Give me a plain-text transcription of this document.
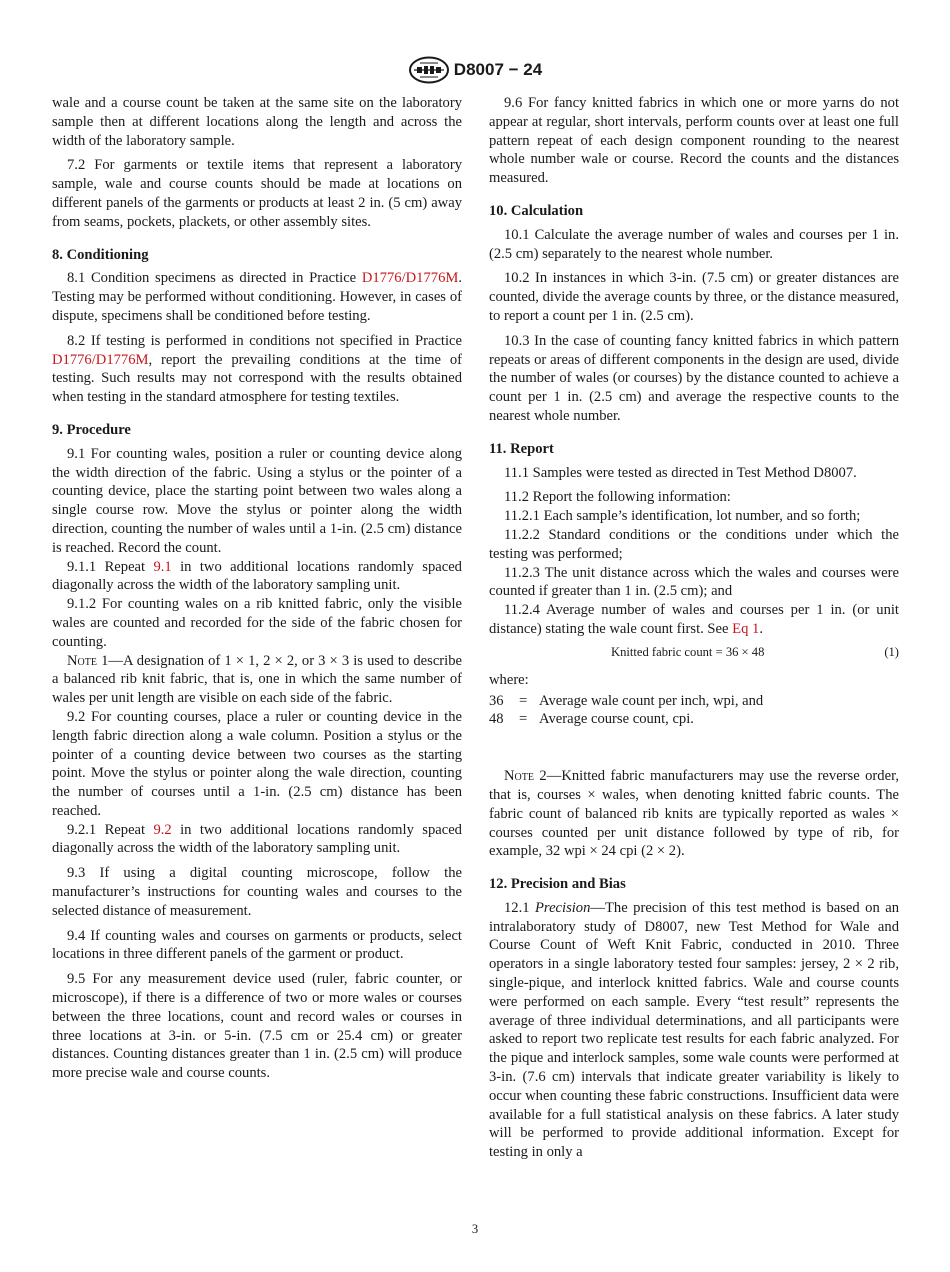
D8007 − 24

wale and a course count be taken at the same site on the laboratory sample then at different locations along the length and across the width of the laboratory sample.

7.2 For garments or textile items that represent a laboratory sample, wale and course counts should be made at locations on different panels of the garments or products at least 2 in. (5 cm) away from seams, pockets, plackets, or other assembly sites.

8. Conditioning

8.1 Condition specimens as directed in Practice D1776/D1776M. Testing may be performed without conditioning. However, in cases of dispute, specimens shall be conditioned before testing.

8.2 If testing is performed in conditions not specified in Practice D1776/D1776M, report the prevailing conditions at the time of testing. Such results may not correspond with the results obtained when testing in the standard atmosphere for testing textiles.

9. Procedure

9.1 For counting wales, position a ruler or counting device along the width direction of the fabric. Using a stylus or the pointer of a counting device, place the starting point between two wales along a single course row. Move the stylus or pointer along the width direction, counting the number of wales until a 1-in. (2.5 cm) distance is reached. Record the count.

9.1.1 Repeat 9.1 in two additional locations randomly spaced diagonally across the width of the laboratory sampling unit.

9.1.2 For counting wales on a rib knitted fabric, only the visible wales are counted and recorded for the side of the fabric chosen for counting.

Note 1—A designation of 1 × 1, 2 × 2, or 3 × 3 is used to describe a balanced rib knit fabric, that is, one in which the same number of wales per unit length are visible on each side of the fabric.

9.2 For counting courses, place a ruler or counting device in the length fabric direction along a wale column. Position a stylus or the pointer of a counting device between two courses as the starting point. Move the stylus or pointer along the wale direction, counting the number of courses until a 1-in. (2.5 cm) distance has been reached.

9.2.1 Repeat 9.2 in two additional locations randomly spaced diagonally across the width of the laboratory sampling unit.

9.3 If using a digital counting microscope, follow the manufacturer’s instructions for counting wales and courses to the selected distance of measurement.

9.4 If counting wales and courses on garments or products, select locations in three different panels of the garment or product.

9.5 For any measurement device used (ruler, fabric counter, or microscope), if there is a difference of two or more wales or courses between the three locations, count and record wales or courses in three locations at 3-in. or 5-in. (7.5 cm or 25.4 cm) or greater distances. Counting distances greater than 1 in. (2.5 cm) will produce more precise wale and course counts.

9.6 For fancy knitted fabrics in which one or more yarns do not appear at regular, short intervals, perform counts over at least one full pattern repeat of each design component rounding to the nearest whole number wale or course. Record the counts and the distances measured.

10. Calculation

10.1 Calculate the average number of wales and courses per 1 in. (2.5 cm) separately to the nearest whole number.

10.2 In instances in which 3-in. (7.5 cm) or greater distances are counted, divide the average counts by three, or the distance measured, to report a count per 1 in. (2.5 cm).

10.3 In the case of counting fancy knitted fabrics in which pattern repeats or areas of different components in the design are used, divide the number of wales (or courses) by the distance counted to achieve a count per 1 in. (2.5 cm) and average the respective counts to the nearest whole number.

11. Report

11.1 Samples were tested as directed in Test Method D8007.

11.2 Report the following information:

11.2.1 Each sample’s identification, lot number, and so forth;

11.2.2 Standard conditions or the conditions under which the testing was performed;

11.2.3 The unit distance across which the wales and courses were counted if greater than 1 in. (2.5 cm); and

11.2.4 Average number of wales and courses per 1 in. (or unit distance) stating the wale count first. See Eq 1.

Knitted fabric count = 36 × 48	(1)

where:

36	= Average wale count per inch, wpi, and
48	= Average course count, cpi.

Note 2—Knitted fabric manufacturers may use the reverse order, that is, courses × wales, when denoting knitted fabric counts. The fabric count of balanced rib knits are typically reported as wales × courses counted per unit distance followed by type of rib, for example, 32 wpi × 24 cpi (2 × 2).

12. Precision and Bias

12.1 Precision—The precision of this test method is based on an intralaboratory study of D8007, new Test Method for Wale and Course Count of Weft Knit Fabric, conducted in 2010. Three operators in a single laboratory tested four samples: jersey, 2 × 2 rib, single-pique, and interlock knitted fabrics. Wale and course counts were performed on each sample. Every “test result” represents the average of three individual determinations, and all participants were asked to report two replicate test results for each fabric analyzed. For the pique and interlock samples, some wale counts were performed at 3-in. (7.6 cm) intervals that indicate greater variability is likely to occur when counting these fabric constructions. Insufficient data were available for a full statistical analysis on these fabrics. A later study will be performed to provide additional information. Except for testing in only a

3
